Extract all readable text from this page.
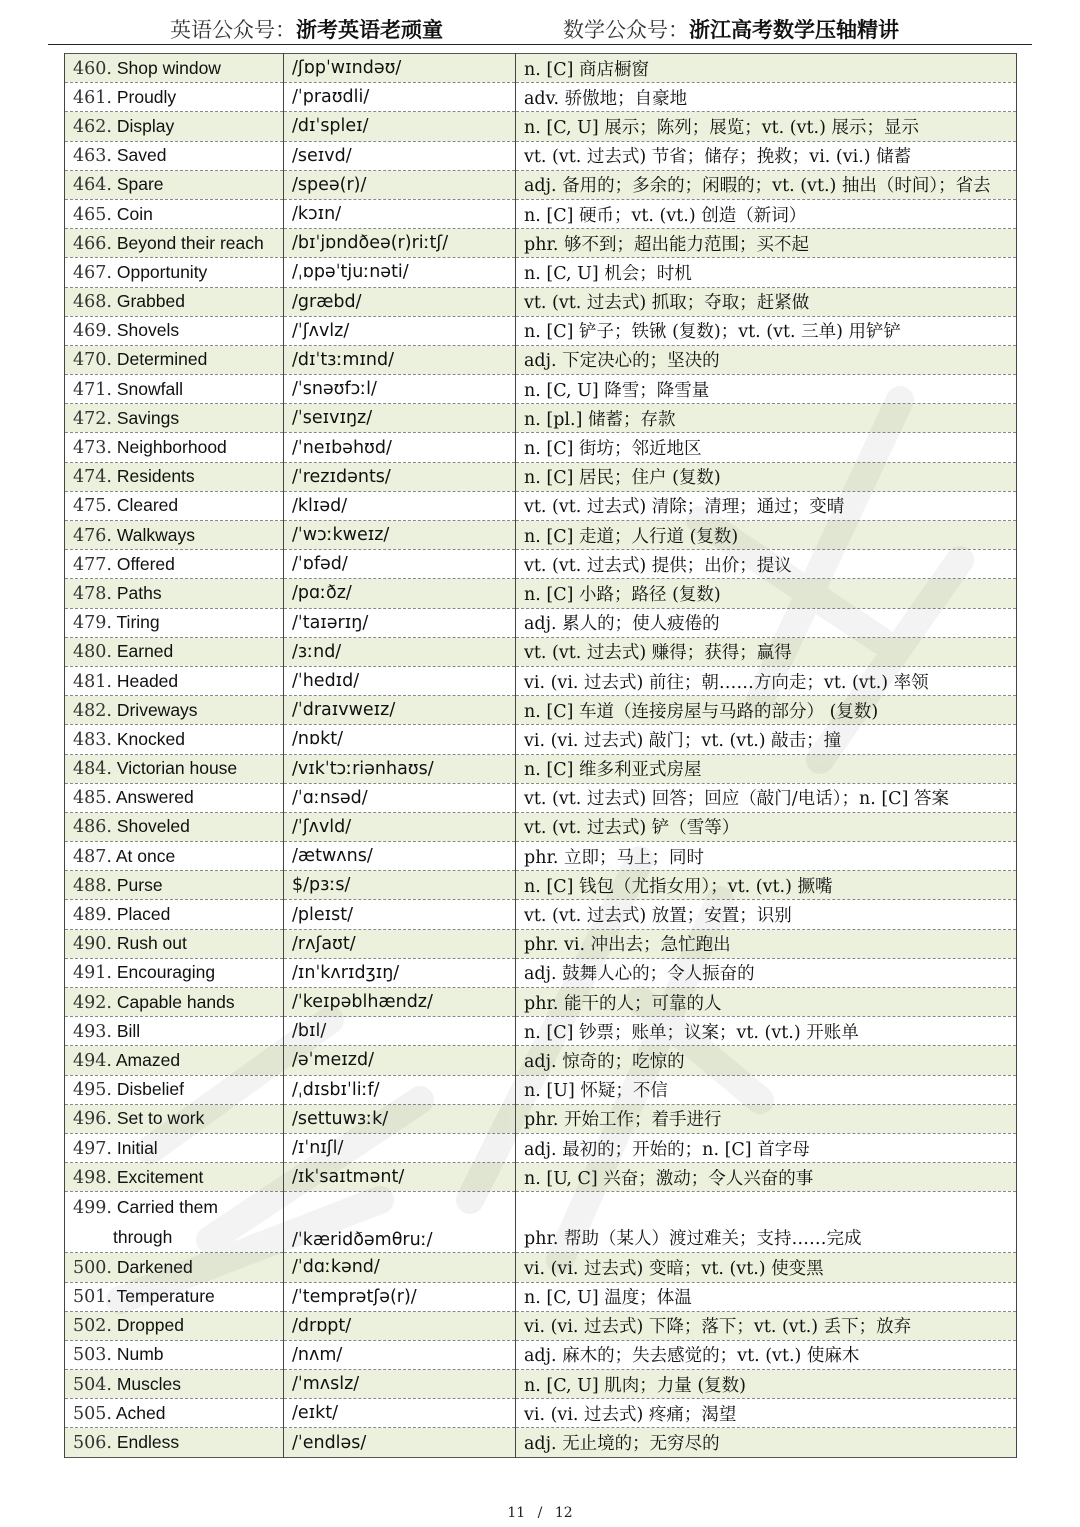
英语公众号：浙考英语老顽童	数学公众号：浙江高考数学压轴精讲
460. Shop window	/ʃɒpˈwɪndəʊ/	n. [C] 商店橱窗
461. Proudly	/ˈpraʊdli/	adv. 骄傲地；自豪地
462. Display	/dɪˈspleɪ/	n. [C, U] 展示；陈列；展览；vt. (vt.) 展示；显示
463. Saved	/seɪvd/	vt. (vt. 过去式) 节省；储存；挽救；vi. (vi.) 储蓄
464. Spare	/speə(r)/	adj. 备用的；多余的；闲暇的；vt. (vt.) 抽出（时间）；省去
465. Coin	/kɔɪn/	n. [C] 硬币；vt. (vt.) 创造（新词）
466. Beyond their reach	/bɪˈjɒndðeə(r)riːtʃ/	phr. 够不到；超出能力范围；买不起
467. Opportunity	/ˌɒpəˈtjuːnəti/	n. [C, U] 机会；时机
468. Grabbed	/græbd/	vt. (vt. 过去式) 抓取；夺取；赶紧做
469. Shovels	/ˈʃʌvlz/	n. [C] 铲子；铁锹 (复数)；vt. (vt. 三单) 用铲铲
470. Determined	/dɪˈtɜːmɪnd/	adj. 下定决心的；坚决的
471. Snowfall	/ˈsnəʊfɔːl/	n. [C, U] 降雪；降雪量
472. Savings	/ˈseɪvɪŋz/	n. [pl.] 储蓄；存款
473. Neighborhood	/ˈneɪbəhʊd/	n. [C] 街坊；邻近地区
474. Residents	/ˈrezɪdənts/	n. [C] 居民；住户 (复数)
475. Cleared	/klɪəd/	vt. (vt. 过去式) 清除；清理；通过；变晴
476. Walkways	/ˈwɔːkweɪz/	n. [C] 走道；人行道 (复数)
477. Offered	/ˈɒfəd/	vt. (vt. 过去式) 提供；出价；提议
478. Paths	/pɑːðz/	n. [C] 小路；路径 (复数)
479. Tiring	/ˈtaɪərɪŋ/	adj. 累人的；使人疲倦的
480. Earned	/ɜːnd/	vt. (vt. 过去式) 赚得；获得；赢得
481. Headed	/ˈhedɪd/	vi. (vi. 过去式) 前往；朝……方向走；vt. (vt.) 率领
482. Driveways	/ˈdraɪvweɪz/	n. [C] 车道（连接房屋与马路的部分） (复数)
483. Knocked	/nɒkt/	vi. (vi. 过去式) 敲门；vt. (vt.) 敲击；撞
484. Victorian house	/vɪkˈtɔːriənhaʊs/	n. [C] 维多利亚式房屋
485. Answered	/ˈɑːnsəd/	vt. (vt. 过去式) 回答；回应（敲门/电话）；n. [C] 答案
486. Shoveled	/ˈʃʌvld/	vt. (vt. 过去式) 铲（雪等）
487. At once	/ætwʌns/	phr. 立即；马上；同时
488. Purse	$/pɜːs/	n. [C] 钱包（尤指女用）；vt. (vt.) 撅嘴
489. Placed	/pleɪst/	vt. (vt. 过去式) 放置；安置；识别
490. Rush out	/rʌʃaʊt/	phr. vi. 冲出去；急忙跑出
491. Encouraging	/ɪnˈkʌrɪdʒɪŋ/	adj. 鼓舞人心的；令人振奋的
492. Capable hands	/ˈkeɪpəblhændz/	phr. 能干的人；可靠的人
493. Bill	/bɪl/	n. [C] 钞票；账单；议案；vt. (vt.) 开账单
494. Amazed	/əˈmeɪzd/	adj. 惊奇的；吃惊的
495. Disbelief	/ˌdɪsbɪˈliːf/	n. [U] 怀疑；不信
496. Set to work	/settuwɜːk/	phr. 开始工作；着手进行
497. Initial	/ɪˈnɪʃl/	adj. 最初的；开始的；n. [C] 首字母
498. Excitement	/ɪkˈsaɪtmənt/	n. [U, C] 兴奋；激动；令人兴奋的事
499. Carried them
through	/ˈkæridðəmθruː/	phr. 帮助（某人）渡过难关；支持……完成
500. Darkened	/ˈdɑːkənd/	vi. (vi. 过去式) 变暗；vt. (vt.) 使变黑
501. Temperature	/ˈtemprətʃə(r)/	n. [C, U] 温度；体温
502. Dropped	/drɒpt/	vi. (vi. 过去式) 下降；落下；vt. (vt.) 丢下；放弃
503. Numb	/nʌm/	adj. 麻木的；失去感觉的；vt. (vt.) 使麻木
504. Muscles	/ˈmʌslz/	n. [C, U] 肌肉；力量 (复数)
505. Ached	/eɪkt/	vi. (vi. 过去式) 疼痛；渴望
506. Endless	/ˈendləs/	adj. 无止境的；无穷尽的
11 / 12
